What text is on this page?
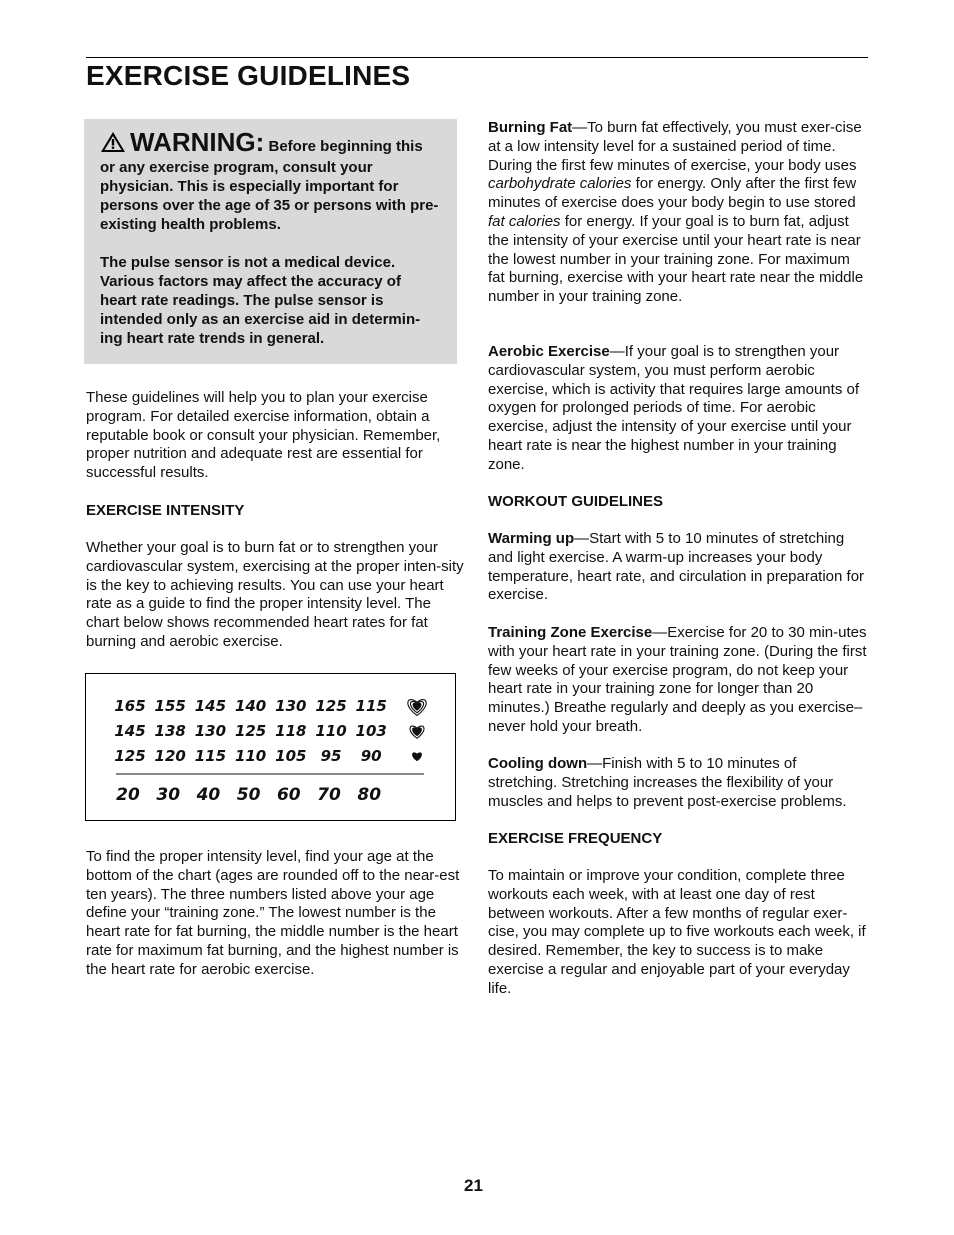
EXERCISE GUIDELINES

WARNING: Before beginning this or any exercise program, consult your physician. This is especially important for persons over the age of 35 or persons with pre-existing health problems.

The pulse sensor is not a medical device. Various factors may affect the accuracy of heart rate readings. The pulse sensor is intended only as an exercise aid in determin-ing heart rate trends in general.

These guidelines will help you to plan your exercise program. For detailed exercise information, obtain a reputable book or consult your physician. Remember, proper nutrition and adequate rest are essential for successful results.

EXERCISE INTENSITY

Whether your goal is to burn fat or to strengthen your cardiovascular system, exercising at the proper inten-sity is the key to achieving results. You can use your heart rate as a guide to find the proper intensity level. The chart below shows recommended heart rates for fat burning and aerobic exercise.

165 155 145 140 130 125 115
145 138 130 125 118 110 103
125 120 115 110 105 95 90
20 30 40 50 60 70 80

To find the proper intensity level, find your age at the bottom of the chart (ages are rounded off to the near-est ten years). The three numbers listed above your age define your “training zone.” The lowest number is the heart rate for fat burning, the middle number is the heart rate for maximum fat burning, and the highest number is the heart rate for aerobic exercise.

Burning Fat—To burn fat effectively, you must exer-cise at a low intensity level for a sustained period of time. During the first few minutes of exercise, your body uses carbohydrate calories for energy. Only after the first few minutes of exercise does your body begin to use stored fat calories for energy. If your goal is to burn fat, adjust the intensity of your exercise until your heart rate is near the lowest number in your training zone. For maximum fat burning, exercise with your heart rate near the middle number in your training zone.

Aerobic Exercise—If your goal is to strengthen your cardiovascular system, you must perform aerobic exercise, which is activity that requires large amounts of oxygen for prolonged periods of time. For aerobic exercise, adjust the intensity of your exercise until your heart rate is near the highest number in your training zone.

WORKOUT GUIDELINES

Warming up—Start with 5 to 10 minutes of stretching and light exercise. A warm-up increases your body temperature, heart rate, and circulation in preparation for exercise.

Training Zone Exercise—Exercise for 20 to 30 min-utes with your heart rate in your training zone. (During the first few weeks of your exercise program, do not keep your heart rate in your training zone for longer than 20 minutes.) Breathe regularly and deeply as you exercise–never hold your breath.

Cooling down—Finish with 5 to 10 minutes of stretching. Stretching increases the flexibility of your muscles and helps to prevent post-exercise problems.

EXERCISE FREQUENCY

To maintain or improve your condition, complete three workouts each week, with at least one day of rest between workouts. After a few months of regular exer-cise, you may complete up to five workouts each week, if desired. Remember, the key to success is to make exercise a regular and enjoyable part of your everyday life.

21
